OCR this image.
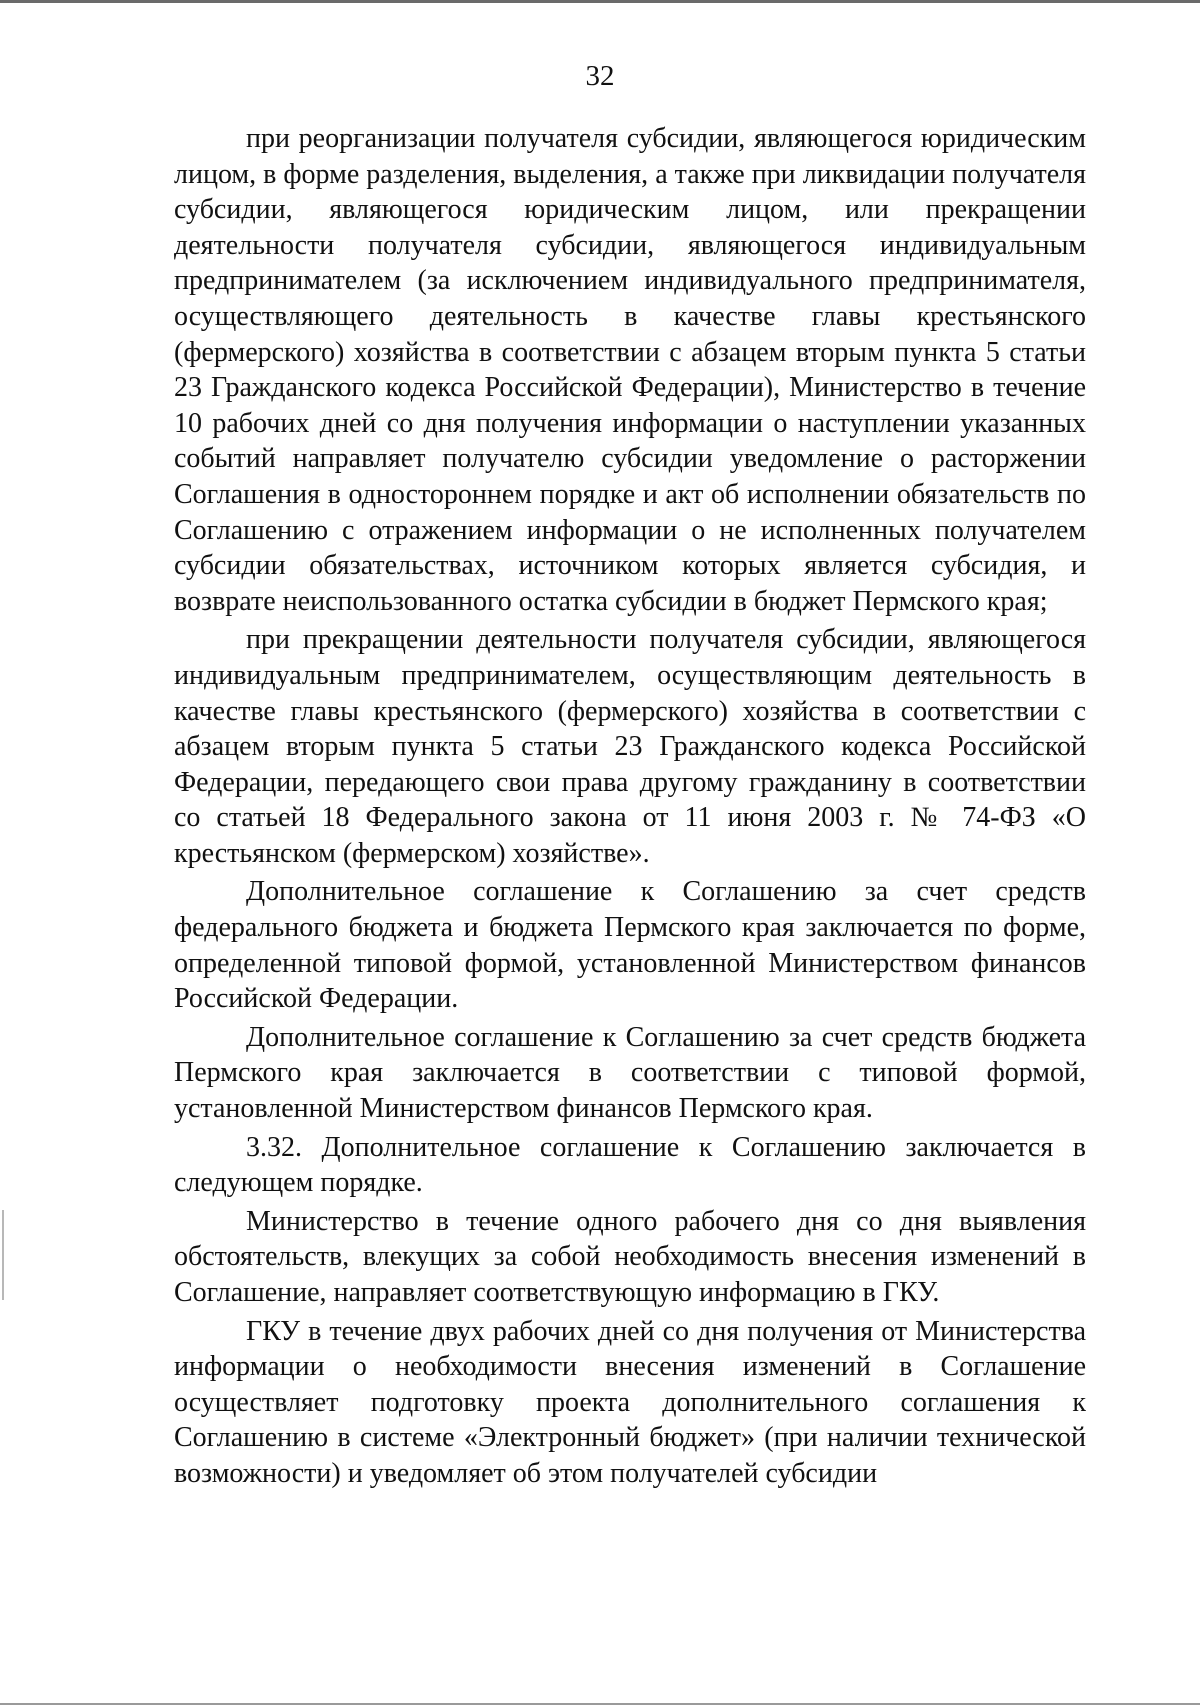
32

при реорганизации получателя субсидии, являющегося юридическим лицом, в форме разделения, выделения, а также при ликвидации получателя субсидии, являющегося юридическим лицом, или прекращении деятельности получателя субсидии, являющегося индивидуальным предпринимателем (за исключением индивидуального предпринимателя, осуществляющего деятельность в качестве главы крестьянского (фермерского) хозяйства в соответствии с абзацем вторым пункта 5 статьи 23 Гражданского кодекса Российской Федерации), Министерство в течение 10 рабочих дней со дня получения информации о наступлении указанных событий направляет получателю субсидии уведомление о расторжении Соглашения в одностороннем порядке и акт об исполнении обязательств по Соглашению с отражением информации о не исполненных получателем субсидии обязательствах, источником которых является субсидия, и возврате неиспользованного остатка субсидии в бюджет Пермского края;

при прекращении деятельности получателя субсидии, являющегося индивидуальным предпринимателем, осуществляющим деятельность в качестве главы крестьянского (фермерского) хозяйства в соответствии с абзацем вторым пункта 5 статьи 23 Гражданского кодекса Российской Федерации, передающего свои права другому гражданину в соответствии со статьей 18 Федерального закона от 11 июня 2003 г. № 74-ФЗ «О крестьянском (фермерском) хозяйстве».

Дополнительное соглашение к Соглашению за счет средств федерального бюджета и бюджета Пермского края заключается по форме, определенной типовой формой, установленной Министерством финансов Российской Федерации.

Дополнительное соглашение к Соглашению за счет средств бюджета Пермского края заключается в соответствии с типовой формой, установленной Министерством финансов Пермского края.

3.32. Дополнительное соглашение к Соглашению заключается в следующем порядке.

Министерство в течение одного рабочего дня со дня выявления обстоятельств, влекущих за собой необходимость внесения изменений в Соглашение, направляет соответствующую информацию в ГКУ.

ГКУ в течение двух рабочих дней со дня получения от Министерства информации о необходимости внесения изменений в Соглашение осуществляет подготовку проекта дополнительного соглашения к Соглашению в системе «Электронный бюджет» (при наличии технической возможности) и уведомляет об этом получателей субсидии
